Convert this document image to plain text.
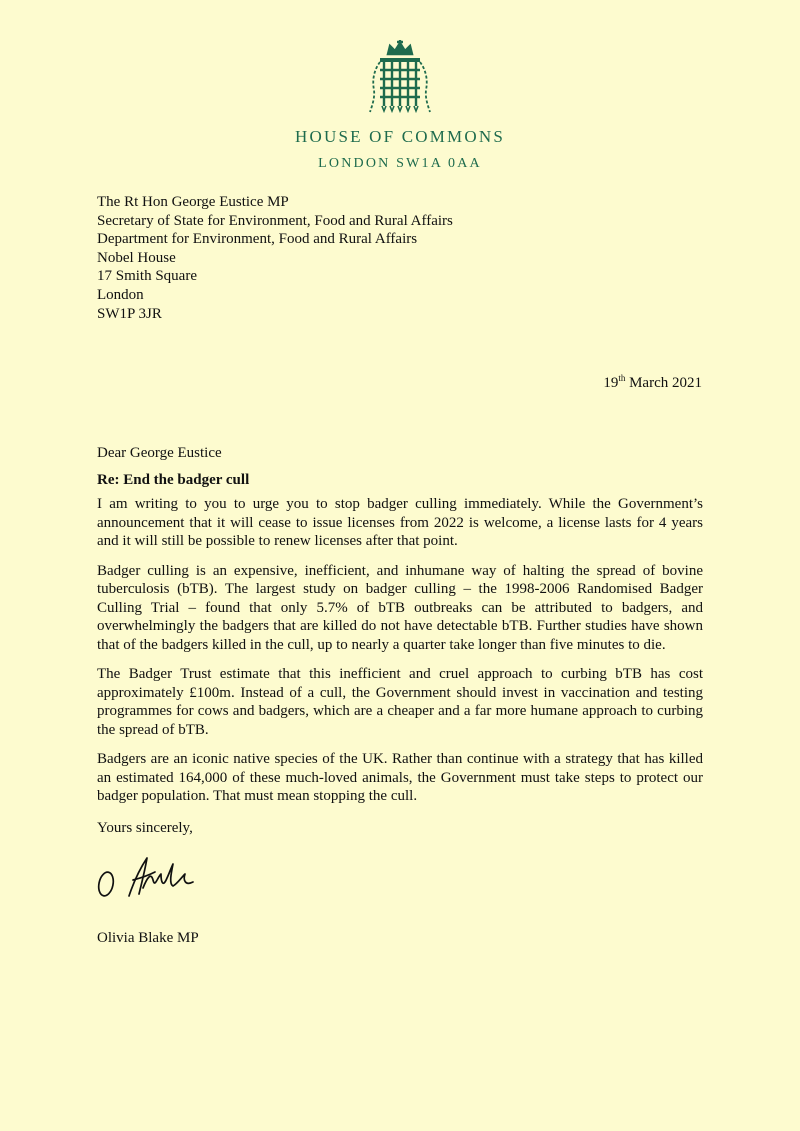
HOUSE OF COMMONS
LONDON SW1A 0AA
The Rt Hon George Eustice MP
Secretary of State for Environment, Food and Rural Affairs
Department for Environment, Food and Rural Affairs
Nobel House
17 Smith Square
London
SW1P 3JR
19th March 2021
Dear George Eustice
Re: End the badger cull

I am writing to you to urge you to stop badger culling immediately. While the Government’s announcement that it will cease to issue licenses from 2022 is welcome, a license lasts for 4 years and it will still be possible to renew licenses after that point.

Badger culling is an expensive, inefficient, and inhumane way of halting the spread of bovine tuberculosis (bTB). The largest study on badger culling – the 1998-2006 Randomised Badger Culling Trial – found that only 5.7% of bTB outbreaks can be attributed to badgers, and overwhelmingly the badgers that are killed do not have detectable bTB. Further studies have shown that of the badgers killed in the cull, up to nearly a quarter take longer than five minutes to die.

The Badger Trust estimate that this inefficient and cruel approach to curbing bTB has cost approximately £100m. Instead of a cull, the Government should invest in vaccination and testing programmes for cows and badgers, which are a cheaper and a far more humane approach to curbing the spread of bTB.

Badgers are an iconic native species of the UK. Rather than continue with a strategy that has killed an estimated 164,000 of these much-loved animals, the Government must take steps to protect our badger population. That must mean stopping the cull.

Yours sincerely,
Olivia Blake MP
